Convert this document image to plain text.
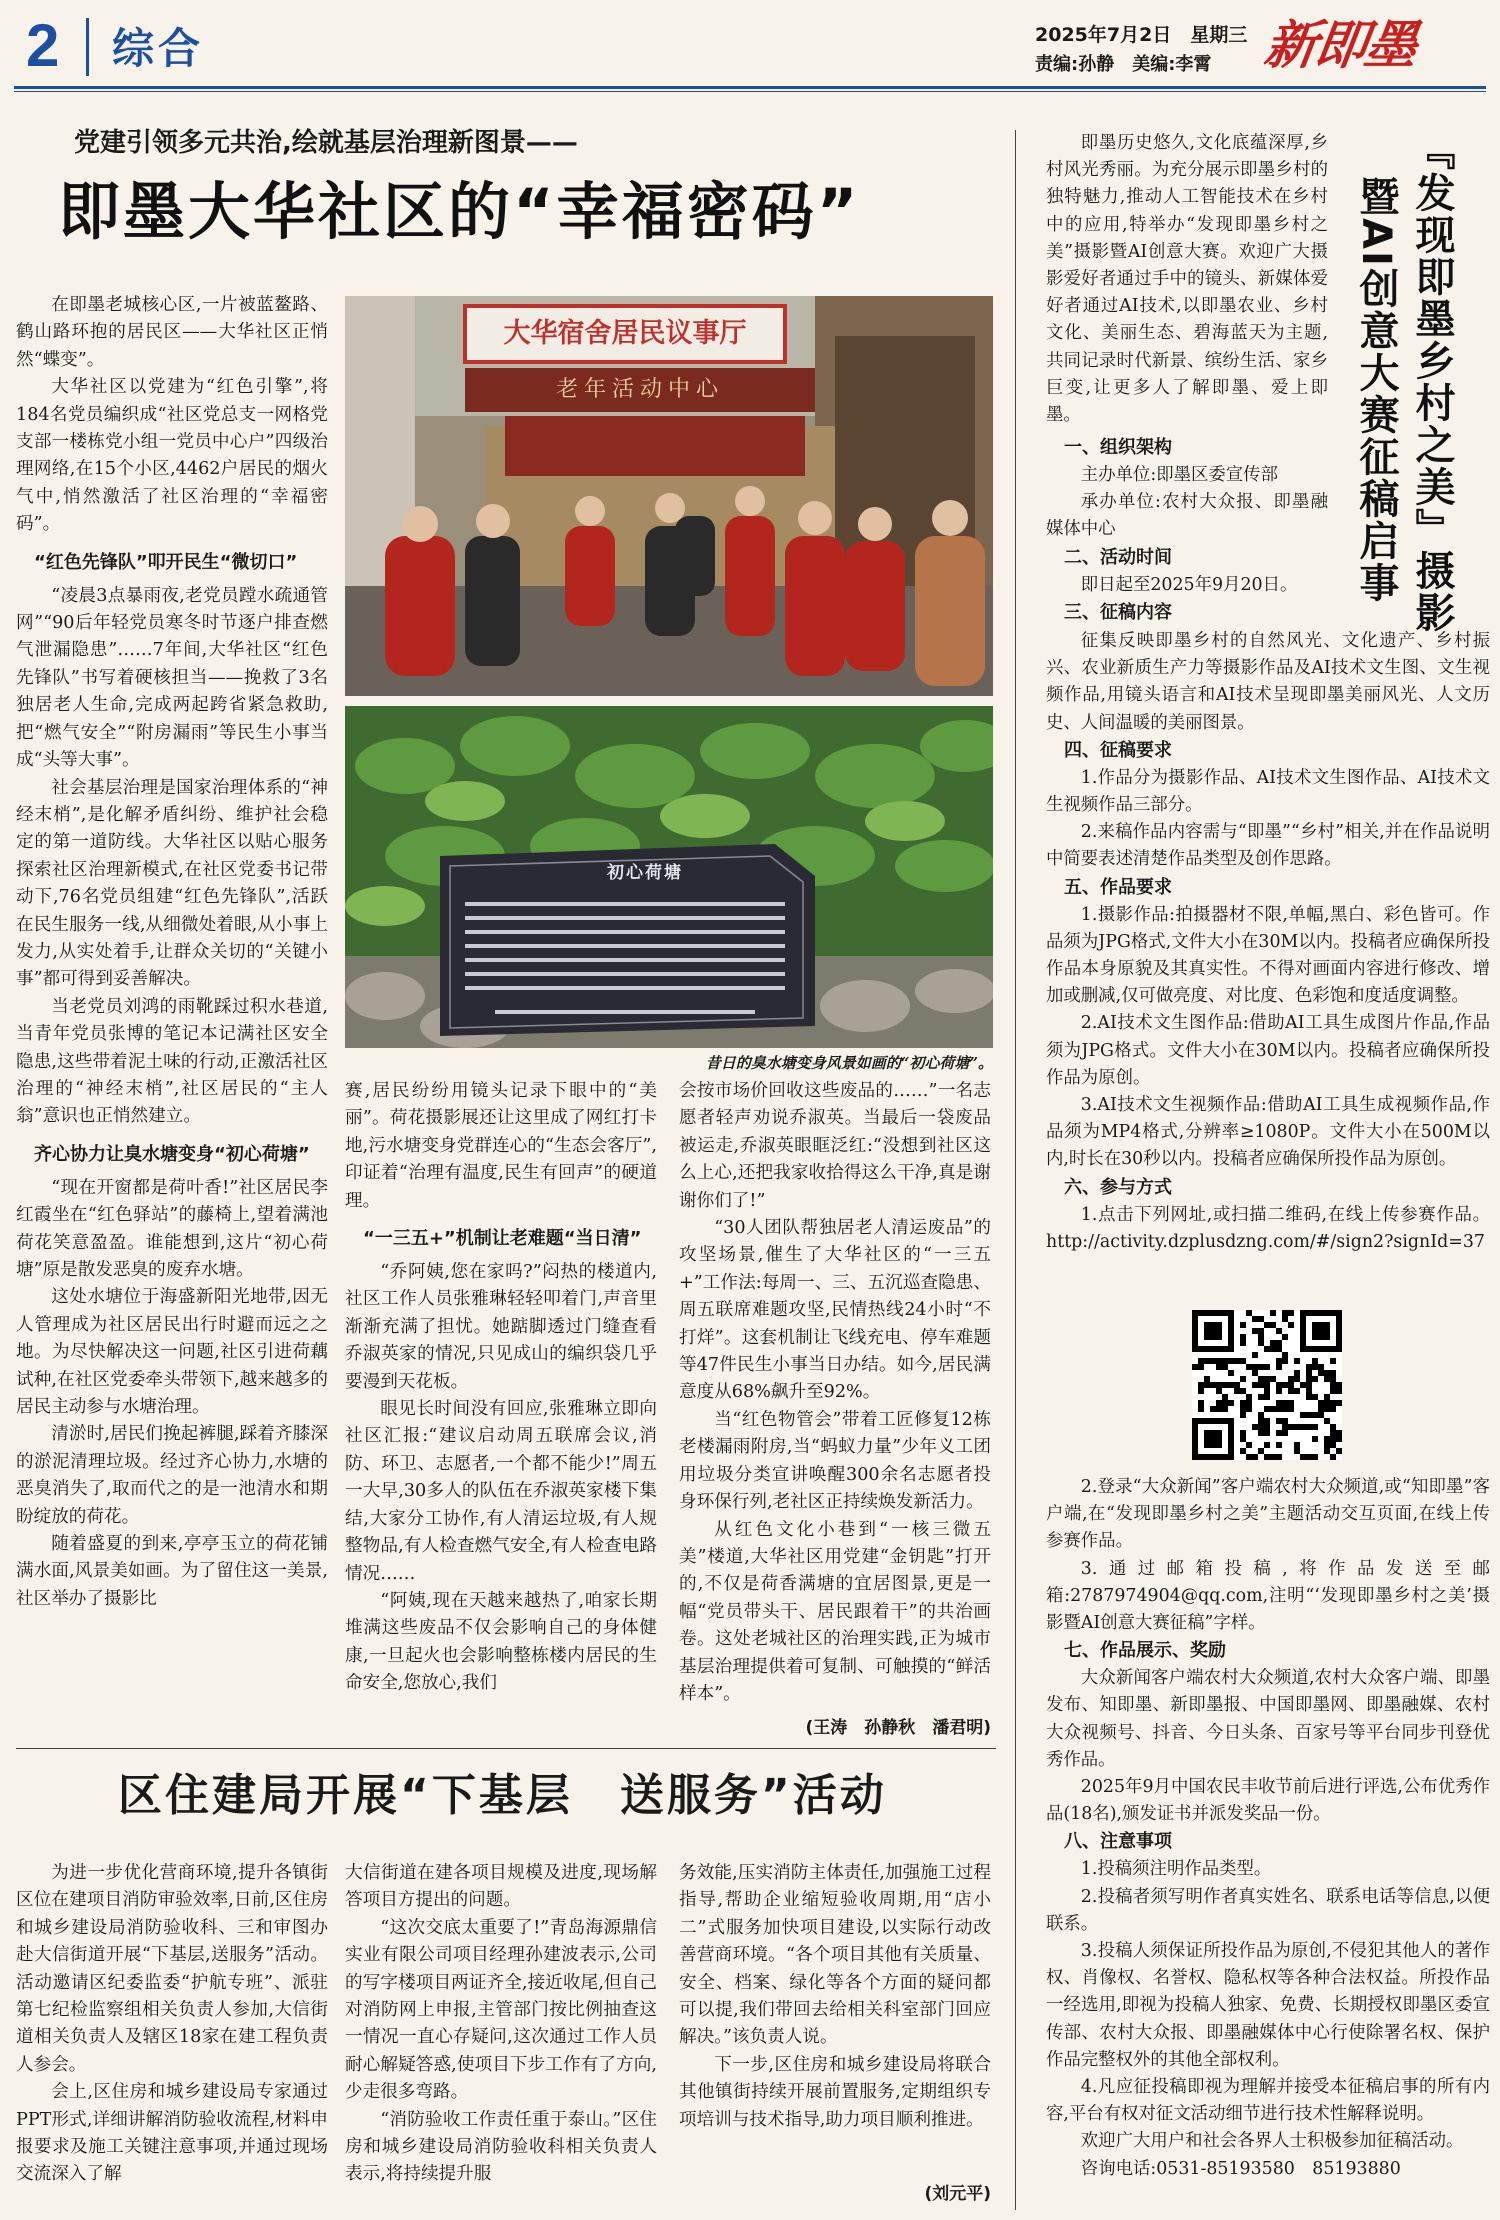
2 综合	2025年7月2日　星期三
责编:孙静　美编:李霄 新即墨
党建引领多元共治,绘就基层治理新图景——
即墨大华社区的“幸福密码”

在即墨老城核心区,一片被蓝鳌路、鹤山路环抱的居民区——大华社区正悄然“蝶变”。

大华社区以党建为“红色引擎”,将184名党员编织成“社区党总支一网格党支部一楼栋党小组一党员中心户”四级治理网络,在15个小区,4462户居民的烟火气中,悄然激活了社区治理的“幸福密码”。

“红色先锋队”叩开民生“微切口”

“凌晨3点暴雨夜,老党员蹚水疏通管网”“90后年轻党员寒冬时节逐户排查燃气泄漏隐患”……7年间,大华社区“红色先锋队”书写着硬核担当——挽救了3名独居老人生命,完成两起跨省紧急救助,把“燃气安全”“附房漏雨”等民生小事当成“头等大事”。

社会基层治理是国家治理体系的“神经末梢”,是化解矛盾纠纷、维护社会稳定的第一道防线。大华社区以贴心服务探索社区治理新模式,在社区党委书记带动下,76名党员组建“红色先锋队”,活跃在民生服务一线,从细微处着眼,从小事上发力,从实处着手,让群众关切的“关键小事”都可得到妥善解决。

当老党员刘鸿的雨靴踩过积水巷道,当青年党员张博的笔记本记满社区安全隐患,这些带着泥土味的行动,正激活社区治理的“神经末梢”,社区居民的“主人翁”意识也正悄然建立。

齐心协力让臭水塘变身“初心荷塘”

“现在开窗都是荷叶香!”社区居民李红霞坐在“红色驿站”的藤椅上,望着满池荷花笑意盈盈。谁能想到,这片“初心荷塘”原是散发恶臭的废弃水塘。

这处水塘位于海盛新阳光地带,因无人管理成为社区居民出行时避而远之之地。为尽快解决这一问题,社区引进荷藕试种,在社区党委牵头带领下,越来越多的居民主动参与水塘治理。

清淤时,居民们挽起裤腿,踩着齐膝深的淤泥清理垃圾。经过齐心协力,水塘的恶臭消失了,取而代之的是一池清水和期盼绽放的荷花。

随着盛夏的到来,亭亭玉立的荷花铺满水面,风景美如画。为了留住这一美景,社区举办了摄影比

大华宿舍居民议事厅
老年活动中心
初心荷塘
昔日的臭水塘变身风景如画的“初心荷塘”。

赛,居民纷纷用镜头记录下眼中的“美丽”。荷花摄影展还让这里成了网红打卡地,污水塘变身党群连心的“生态会客厅”,印证着“治理有温度,民生有回声”的硬道理。

“一三五+”机制让老难题“当日清”

“乔阿姨,您在家吗?”闷热的楼道内,社区工作人员张雅琳轻轻叩着门,声音里渐渐充满了担忧。她踮脚透过门缝查看乔淑英家的情况,只见成山的编织袋几乎要漫到天花板。

眼见长时间没有回应,张雅琳立即向社区汇报:“建议启动周五联席会议,消防、环卫、志愿者,一个都不能少!”周五一大早,30多人的队伍在乔淑英家楼下集结,大家分工协作,有人清运垃圾,有人规整物品,有人检查燃气安全,有人检查电路情况……

“阿姨,现在天越来越热了,咱家长期堆满这些废品不仅会影响自己的身体健康,一旦起火也会影响整栋楼内居民的生命安全,您放心,我们

会按市场价回收这些废品的……”一名志愿者轻声劝说乔淑英。当最后一袋废品被运走,乔淑英眼眶泛红:“没想到社区这么上心,还把我家收拾得这么干净,真是谢谢你们了!”

“30人团队帮独居老人清运废品”的攻坚场景,催生了大华社区的“一三五+”工作法:每周一、三、五沉巡查隐患、周五联席难题攻坚,民情热线24小时“不打烊”。这套机制让飞线充电、停车难题等47件民生小事当日办结。如今,居民满意度从68%飙升至92%。

当“红色物管会”带着工匠修复12栋老楼漏雨附房,当“蚂蚁力量”少年义工团用垃圾分类宣讲唤醒300余名志愿者投身环保行列,老社区正持续焕发新活力。

从红色文化小巷到“一核三微五美”楼道,大华社区用党建“金钥匙”打开的,不仅是荷香满塘的宜居图景,更是一幅“党员带头干、居民跟着干”的共治画卷。这处老城社区的治理实践,正为城市基层治理提供着可复制、可触摸的“鲜活样本”。

(王涛　孙静秋　潘君明)
区住建局开展“下基层　送服务”活动

为进一步优化营商环境,提升各镇街区位在建项目消防审验效率,日前,区住房和城乡建设局消防验收科、三和审图办赴大信街道开展“下基层,送服务”活动。活动邀请区纪委监委“护航专班”、派驻第七纪检监察组相关负责人参加,大信街道相关负责人及辖区18家在建工程负责人参会。

会上,区住房和城乡建设局专家通过PPT形式,详细讲解消防验收流程,材料申报要求及施工关键注意事项,并通过现场交流深入了解

大信街道在建各项目规模及进度,现场解答项目方提出的问题。

“这次交底太重要了!”青岛海源鼎信实业有限公司项目经理孙建波表示,公司的写字楼项目两证齐全,接近收尾,但自己对消防网上申报,主管部门按比例抽查这一情况一直心存疑问,这次通过工作人员耐心解疑答惑,使项目下步工作有了方向,少走很多弯路。

“消防验收工作责任重于泰山。”区住房和城乡建设局消防验收科相关负责人表示,将持续提升服

务效能,压实消防主体责任,加强施工过程指导,帮助企业缩短验收周期,用“店小二”式服务加快项目建设,以实际行动改善营商环境。“各个项目其他有关质量、安全、档案、绿化等各个方面的疑问都可以提,我们带回去给相关科室部门回应解决。”该负责人说。

下一步,区住房和城乡建设局将联合其他镇街持续开展前置服务,定期组织专项培训与技术指导,助力项目顺利推进。

(刘元平)
『发现即墨乡村之美』摄影
暨AI创意大赛征稿启事

即墨历史悠久,文化底蕴深厚,乡村风光秀丽。为充分展示即墨乡村的独特魅力,推动人工智能技术在乡村中的应用,特举办“发现即墨乡村之美”摄影暨AI创意大赛。欢迎广大摄影爱好者通过手中的镜头、新媒体爱好者通过AI技术,以即墨农业、乡村文化、美丽生态、碧海蓝天为主题,共同记录时代新景、缤纷生活、家乡巨变,让更多人了解即墨、爱上即墨。

一、组织架构

主办单位:即墨区委宣传部

承办单位:农村大众报、即墨融媒体中心

二、活动时间

即日起至2025年9月20日。

三、征稿内容

征集反映即墨乡村的自然风光、文化遗产、乡村振兴、农业新质生产力等摄影作品及AI技术文生图、文生视频作品,用镜头语言和AI技术呈现即墨美丽风光、人文历史、人间温暖的美丽图景。

四、征稿要求

1.作品分为摄影作品、AI技术文生图作品、AI技术文生视频作品三部分。

2.来稿作品内容需与“即墨”“乡村”相关,并在作品说明中简要表述清楚作品类型及创作思路。

五、作品要求

1.摄影作品:拍摄器材不限,单幅,黑白、彩色皆可。作品须为JPG格式,文件大小在30M以内。投稿者应确保所投作品本身原貌及其真实性。不得对画面内容进行修改、增加或删减,仅可做亮度、对比度、色彩饱和度适度调整。

2.AI技术文生图作品:借助AI工具生成图片作品,作品须为JPG格式。文件大小在30M以内。投稿者应确保所投作品为原创。

3.AI技术文生视频作品:借助AI工具生成视频作品,作品须为MP4格式,分辨率≥1080P。文件大小在500M以内,时长在30秒以内。投稿者应确保所投作品为原创。

六、参与方式

1.点击下列网址,或扫描二维码,在线上传参赛作品。http://activity.dzplusdzng.com/#/sign2?signId=37

2.登录“大众新闻”客户端农村大众频道,或“知即墨”客户端,在“发现即墨乡村之美”主题活动交互页面,在线上传参赛作品。

3.通过邮箱投稿,将作品发送至邮箱:2787974904@qq.com,注明“‘发现即墨乡村之美’摄影暨AI创意大赛征稿”字样。

七、作品展示、奖励

大众新闻客户端农村大众频道,农村大众客户端、即墨发布、知即墨、新即墨报、中国即墨网、即墨融媒、农村大众视频号、抖音、今日头条、百家号等平台同步刊登优秀作品。

2025年9月中国农民丰收节前后进行评选,公布优秀作品(18名),颁发证书并派发奖品一份。

八、注意事项

1.投稿须注明作品类型。

2.投稿者须写明作者真实姓名、联系电话等信息,以便联系。

3.投稿人须保证所投作品为原创,不侵犯其他人的著作权、肖像权、名誉权、隐私权等各种合法权益。所投作品一经选用,即视为投稿人独家、免费、长期授权即墨区委宣传部、农村大众报、即墨融媒体中心行使除署名权、保护作品完整权外的其他全部权利。

4.凡应征投稿即视为理解并接受本征稿启事的所有内容,平台有权对征文活动细节进行技术性解释说明。

欢迎广大用户和社会各界人士积极参加征稿活动。

咨询电话:0531-85193580　85193880
